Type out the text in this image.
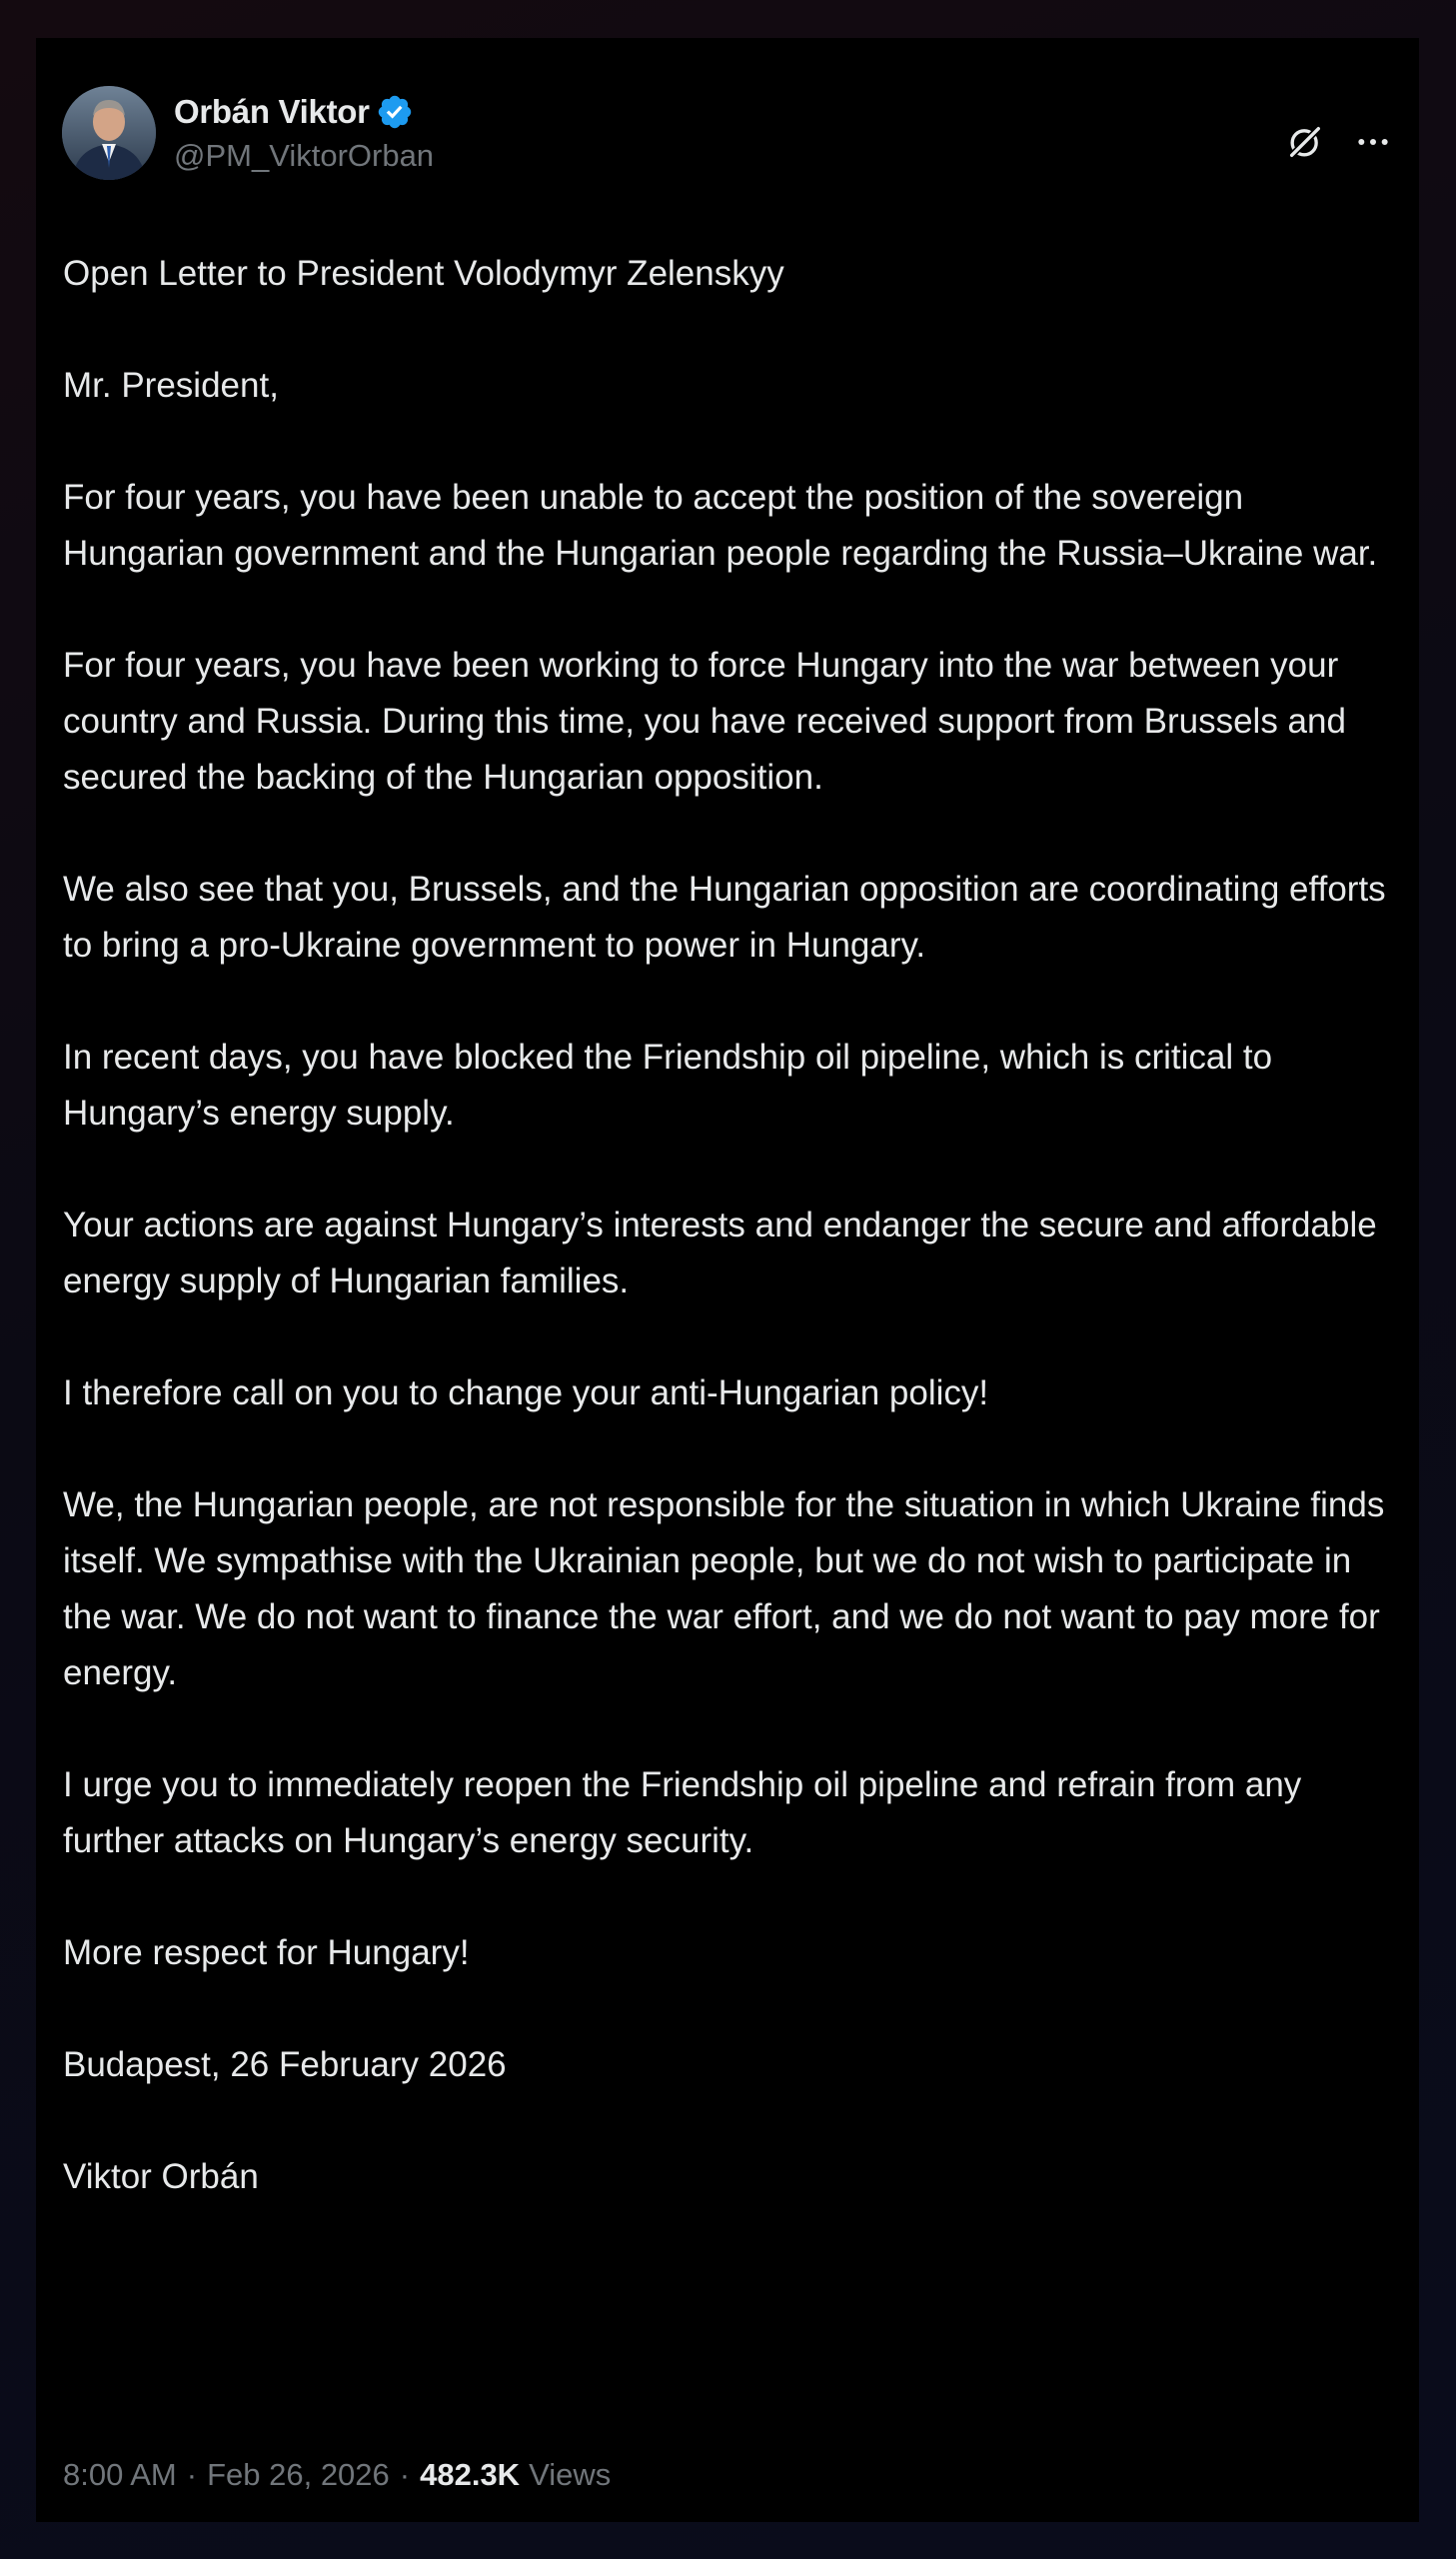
Orbán Viktor
@PM_ViktorOrban

Open Letter to President Volodymyr Zelenskyy

Mr. President,

For four years, you have been unable to accept the position of the sovereign Hungarian government and the Hungarian people regarding the Russia–Ukraine war.

For four years, you have been working to force Hungary into the war between your country and Russia. During this time, you have received support from Brussels and secured the backing of the Hungarian opposition.

We also see that you, Brussels, and the Hungarian opposition are coordinating efforts to bring a pro-Ukraine government to power in Hungary.

In recent days, you have blocked the Friendship oil pipeline, which is critical to Hungary’s energy supply.

Your actions are against Hungary’s interests and endanger the secure and affordable energy supply of Hungarian families.

I therefore call on you to change your anti-Hungarian policy!

We, the Hungarian people, are not responsible for the situation in which Ukraine finds itself. We sympathise with the Ukrainian people, but we do not wish to participate in the war. We do not want to finance the war effort, and we do not want to pay more for energy.

I urge you to immediately reopen the Friendship oil pipeline and refrain from any further attacks on Hungary’s energy security.

More respect for Hungary!

Budapest, 26 February 2026

Viktor Orbán

8:00 AM · Feb 26, 2026 · 482.3K Views
